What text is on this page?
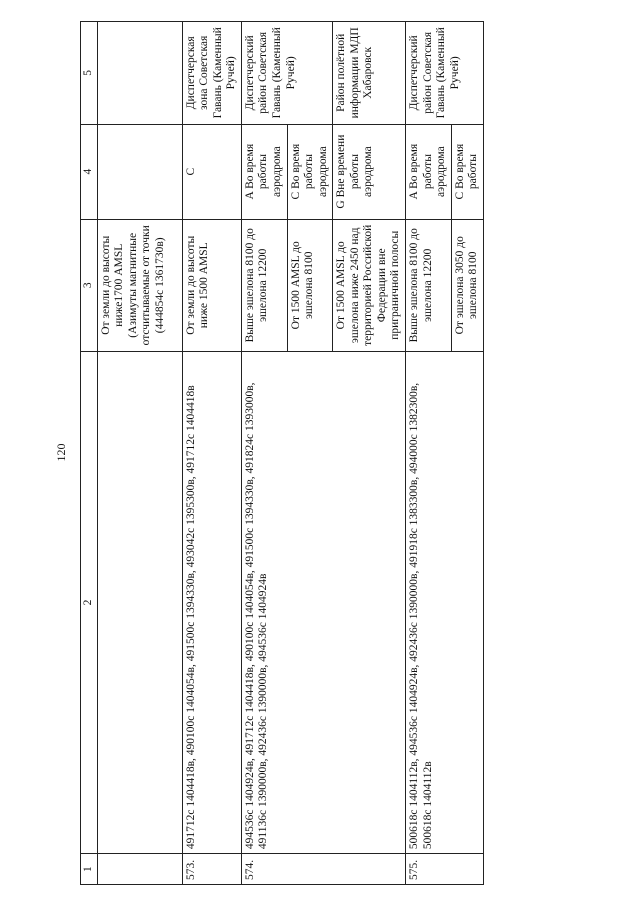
120
1	2	3	4	5
		От земли до высоты ниже1700 AMSL (Азимуты магнитные отсчитываемые от точки (444854с 1361730в)		
573.	491712с 1404418в, 490100с 1404054в, 491500с 1394330в, 493042с 1395300в, 491712с 1404418в	От земли до высоты ниже 1500 AMSL	C	Диспетчерская зона Советская Гавань (Каменный Ручей)
574.	494536с 1404924в, 491712с 1404418в, 490100с 1404054в, 491500с 1394330в, 491824с 1393000в, 491136с 1390000в, 492436с 1390000в, 494536с 1404924в	Выше эшелона 8100 до эшелона 12200	A Во время работы аэродрома	Диспетчерский район Советская Гавань (Каменный Ручей)
		От 1500 AMSL до эшелона 8100	C Во время работы аэродрома	
		От 1500 AMSL до эшелона ниже 2450 над территорией Российской Федерации вне приграничной полосы	G Вне времени работы аэродрома	Район полётной информации МДП Хабаровск
575.	500618с 1404112в, 494536с 1404924в, 492436с 1390000в, 491918с 1383300в, 494000с 1382300в, 500618с 1404112в	Выше эшелона 8100 до эшелона 12200	A Во время работы аэродрома	Диспетчерский район Советская Гавань (Каменный Ручей)
		От эшелона 3050 до эшелона 8100	C Во время работы	
